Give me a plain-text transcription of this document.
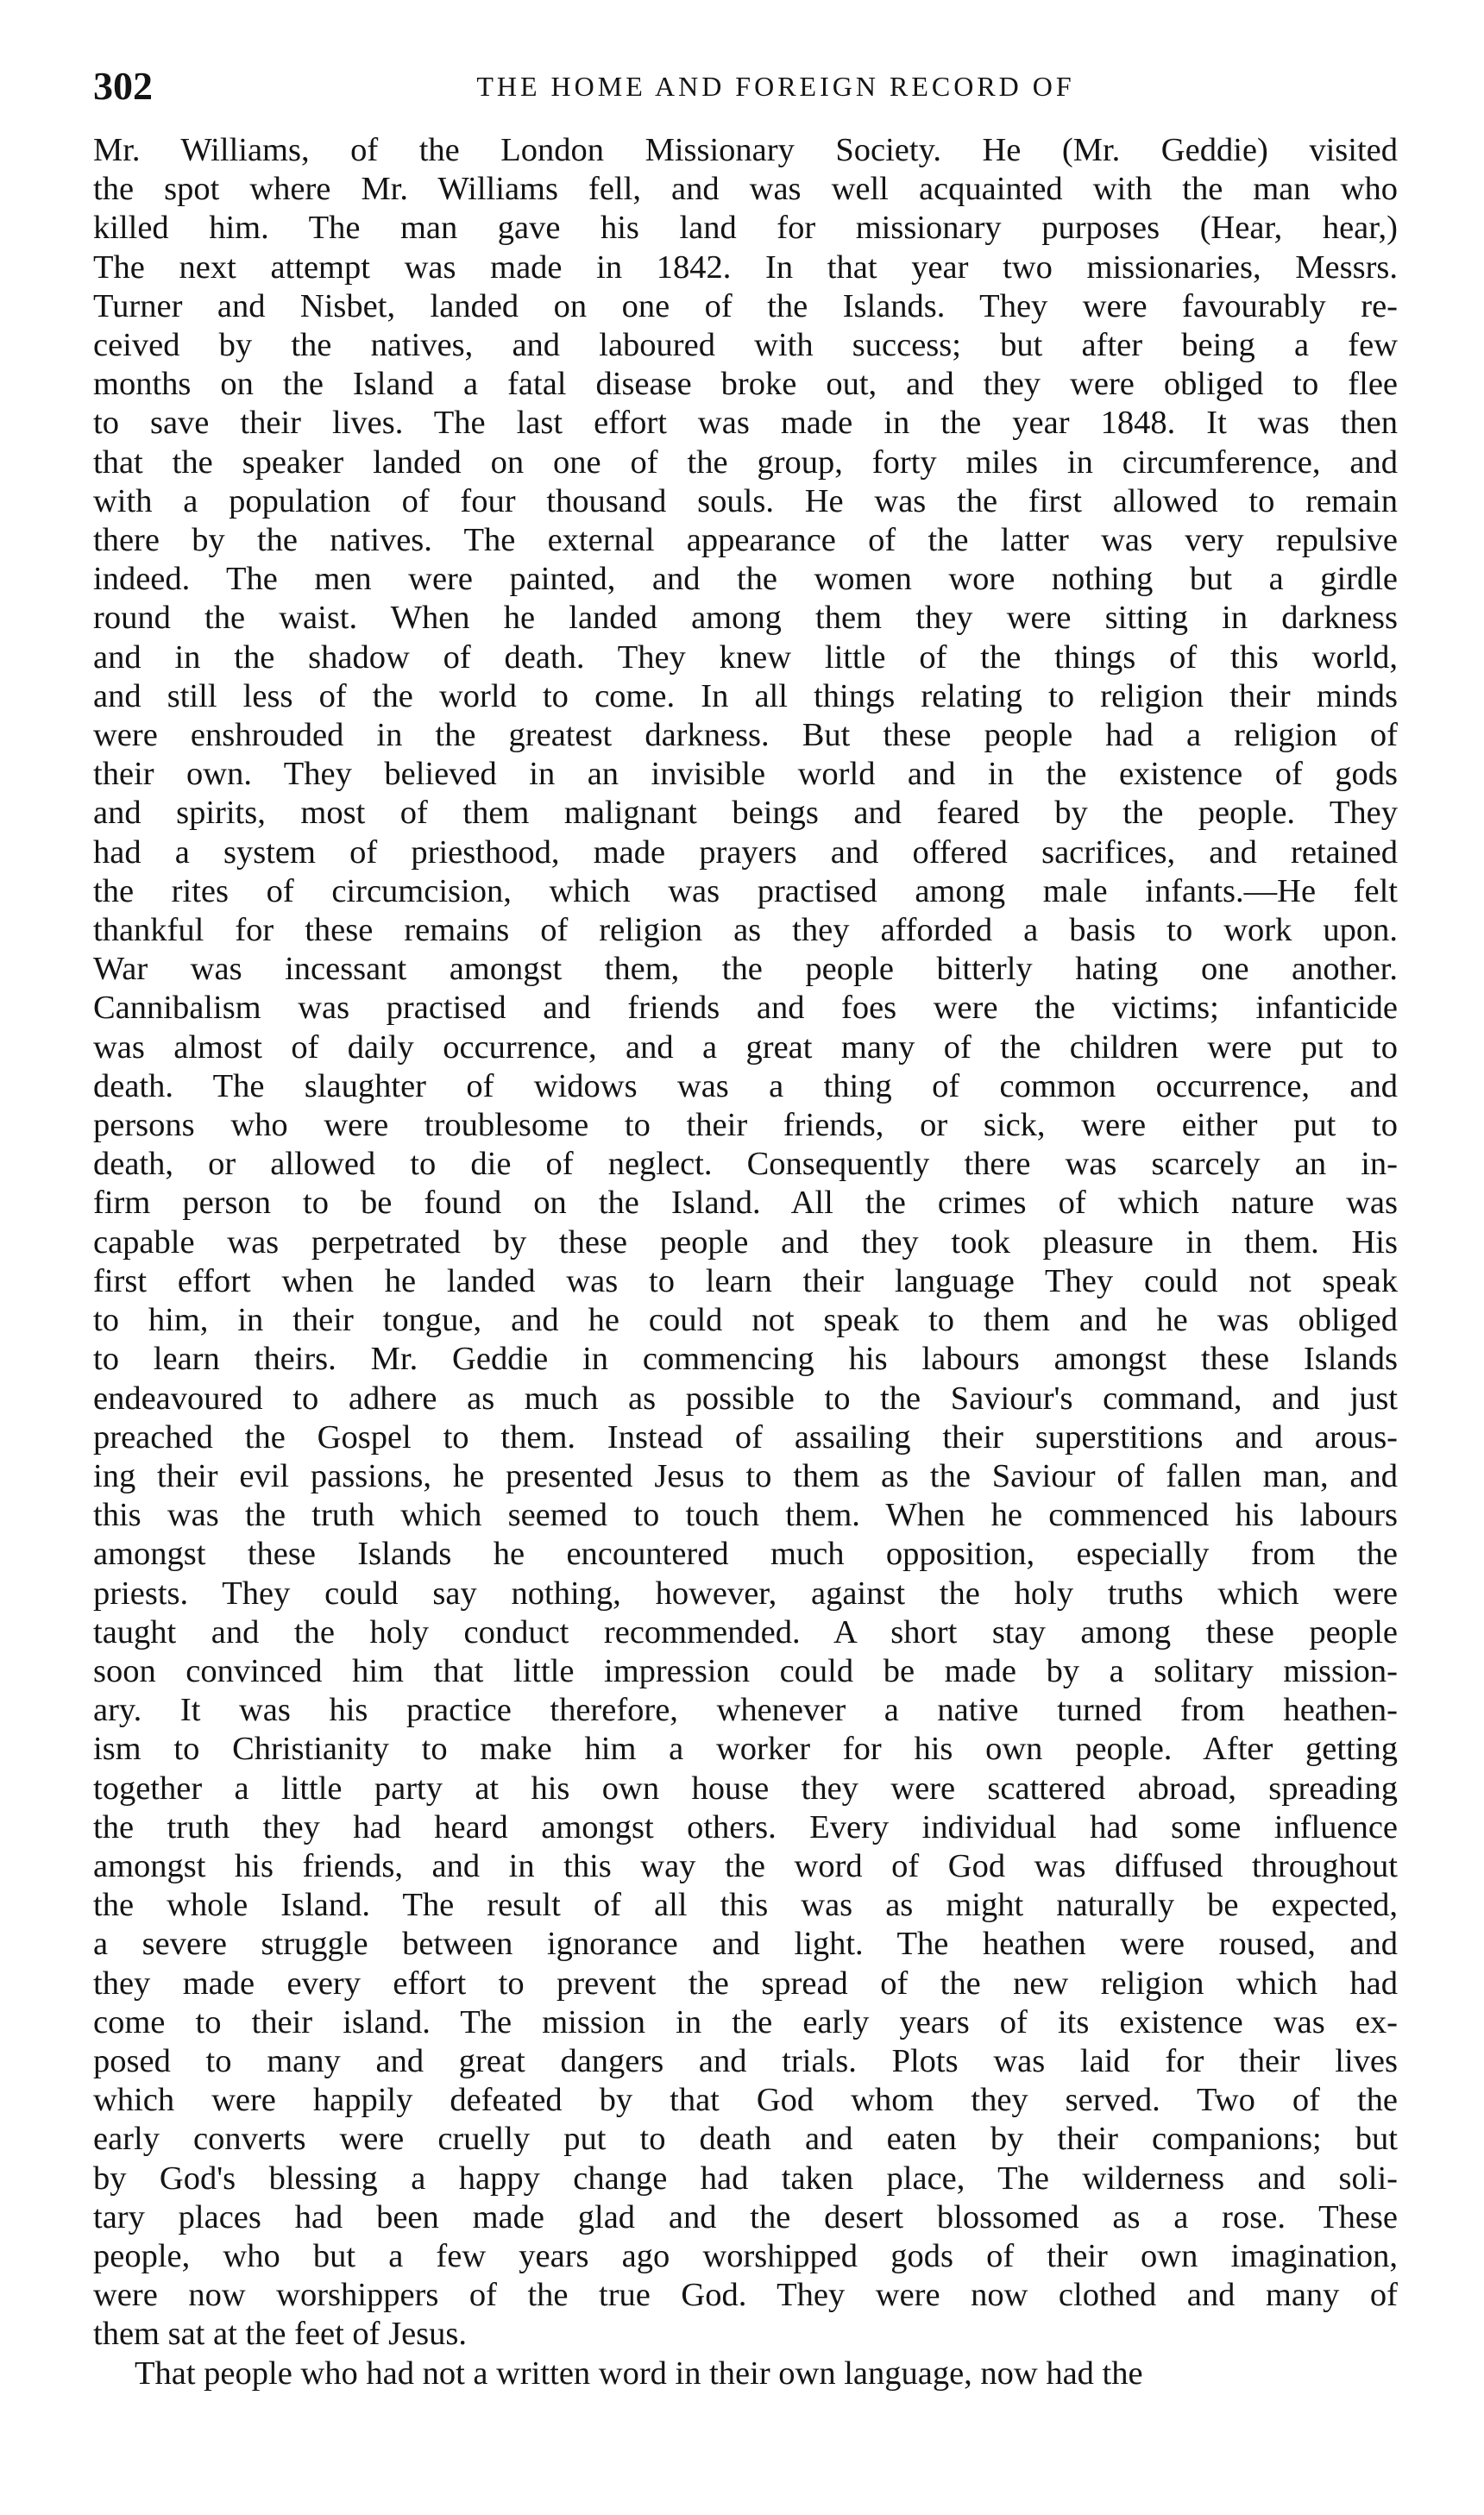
302	THE HOME AND FOREIGN RECORD OF
Mr. Williams, of the London Missionary Society. He (Mr. Geddie) visited
the spot where Mr. Williams fell, and was well acquainted with the man who
killed him. The man gave his land for missionary purposes (Hear, hear,)
The next attempt was made in 1842. In that year two missionaries, Messrs.
Turner and Nisbet, landed on one of the Islands. They were favourably re-
ceived by the natives, and laboured with success; but after being a few
months on the Island a fatal disease broke out, and they were obliged to flee
to save their lives. The last effort was made in the year 1848. It was then
that the speaker landed on one of the group, forty miles in circumference, and
with a population of four thousand souls. He was the first allowed to remain
there by the natives. The external appearance of the latter was very repulsive
indeed. The men were painted, and the women wore nothing but a girdle
round the waist. When he landed among them they were sitting in darkness
and in the shadow of death. They knew little of the things of this world,
and still less of the world to come. In all things relating to religion their minds
were enshrouded in the greatest darkness. But these people had a religion of
their own. They believed in an invisible world and in the existence of gods
and spirits, most of them malignant beings and feared by the people. They
had a system of priesthood, made prayers and offered sacrifices, and retained
the rites of circumcision, which was practised among male infants.—He felt
thankful for these remains of religion as they afforded a basis to work upon.
War was incessant amongst them, the people bitterly hating one another.
Cannibalism was practised and friends and foes were the victims; infanticide
was almost of daily occurrence, and a great many of the children were put to
death. The slaughter of widows was a thing of common occurrence, and
persons who were troublesome to their friends, or sick, were either put to
death, or allowed to die of neglect. Consequently there was scarcely an in-
firm person to be found on the Island. All the crimes of which nature was
capable was perpetrated by these people and they took pleasure in them. His
first effort when he landed was to learn their language They could not speak
to him, in their tongue, and he could not speak to them and he was obliged
to learn theirs. Mr. Geddie in commencing his labours amongst these Islands
endeavoured to adhere as much as possible to the Saviour's command, and just
preached the Gospel to them. Instead of assailing their superstitions and arous-
ing their evil passions, he presented Jesus to them as the Saviour of fallen man, and
this was the truth which seemed to touch them. When he commenced his labours
amongst these Islands he encountered much opposition, especially from the
priests. They could say nothing, however, against the holy truths which were
taught and the holy conduct recommended. A short stay among these people
soon convinced him that little impression could be made by a solitary mission-
ary. It was his practice therefore, whenever a native turned from heathen-
ism to Christianity to make him a worker for his own people. After getting
together a little party at his own house they were scattered abroad, spreading
the truth they had heard amongst others. Every individual had some influence
amongst his friends, and in this way the word of God was diffused throughout
the whole Island. The result of all this was as might naturally be expected,
a severe struggle between ignorance and light. The heathen were roused, and
they made every effort to prevent the spread of the new religion which had
come to their island. The mission in the early years of its existence was ex-
posed to many and great dangers and trials. Plots was laid for their lives
which were happily defeated by that God whom they served. Two of the
early converts were cruelly put to death and eaten by their companions; but
by God's blessing a happy change had taken place, The wilderness and soli-
tary places had been made glad and the desert blossomed as a rose. These
people, who but a few years ago worshipped gods of their own imagination,
were now worshippers of the true God. They were now clothed and many of
them sat at the feet of Jesus.
That people who had not a written word in their own language, now had the
